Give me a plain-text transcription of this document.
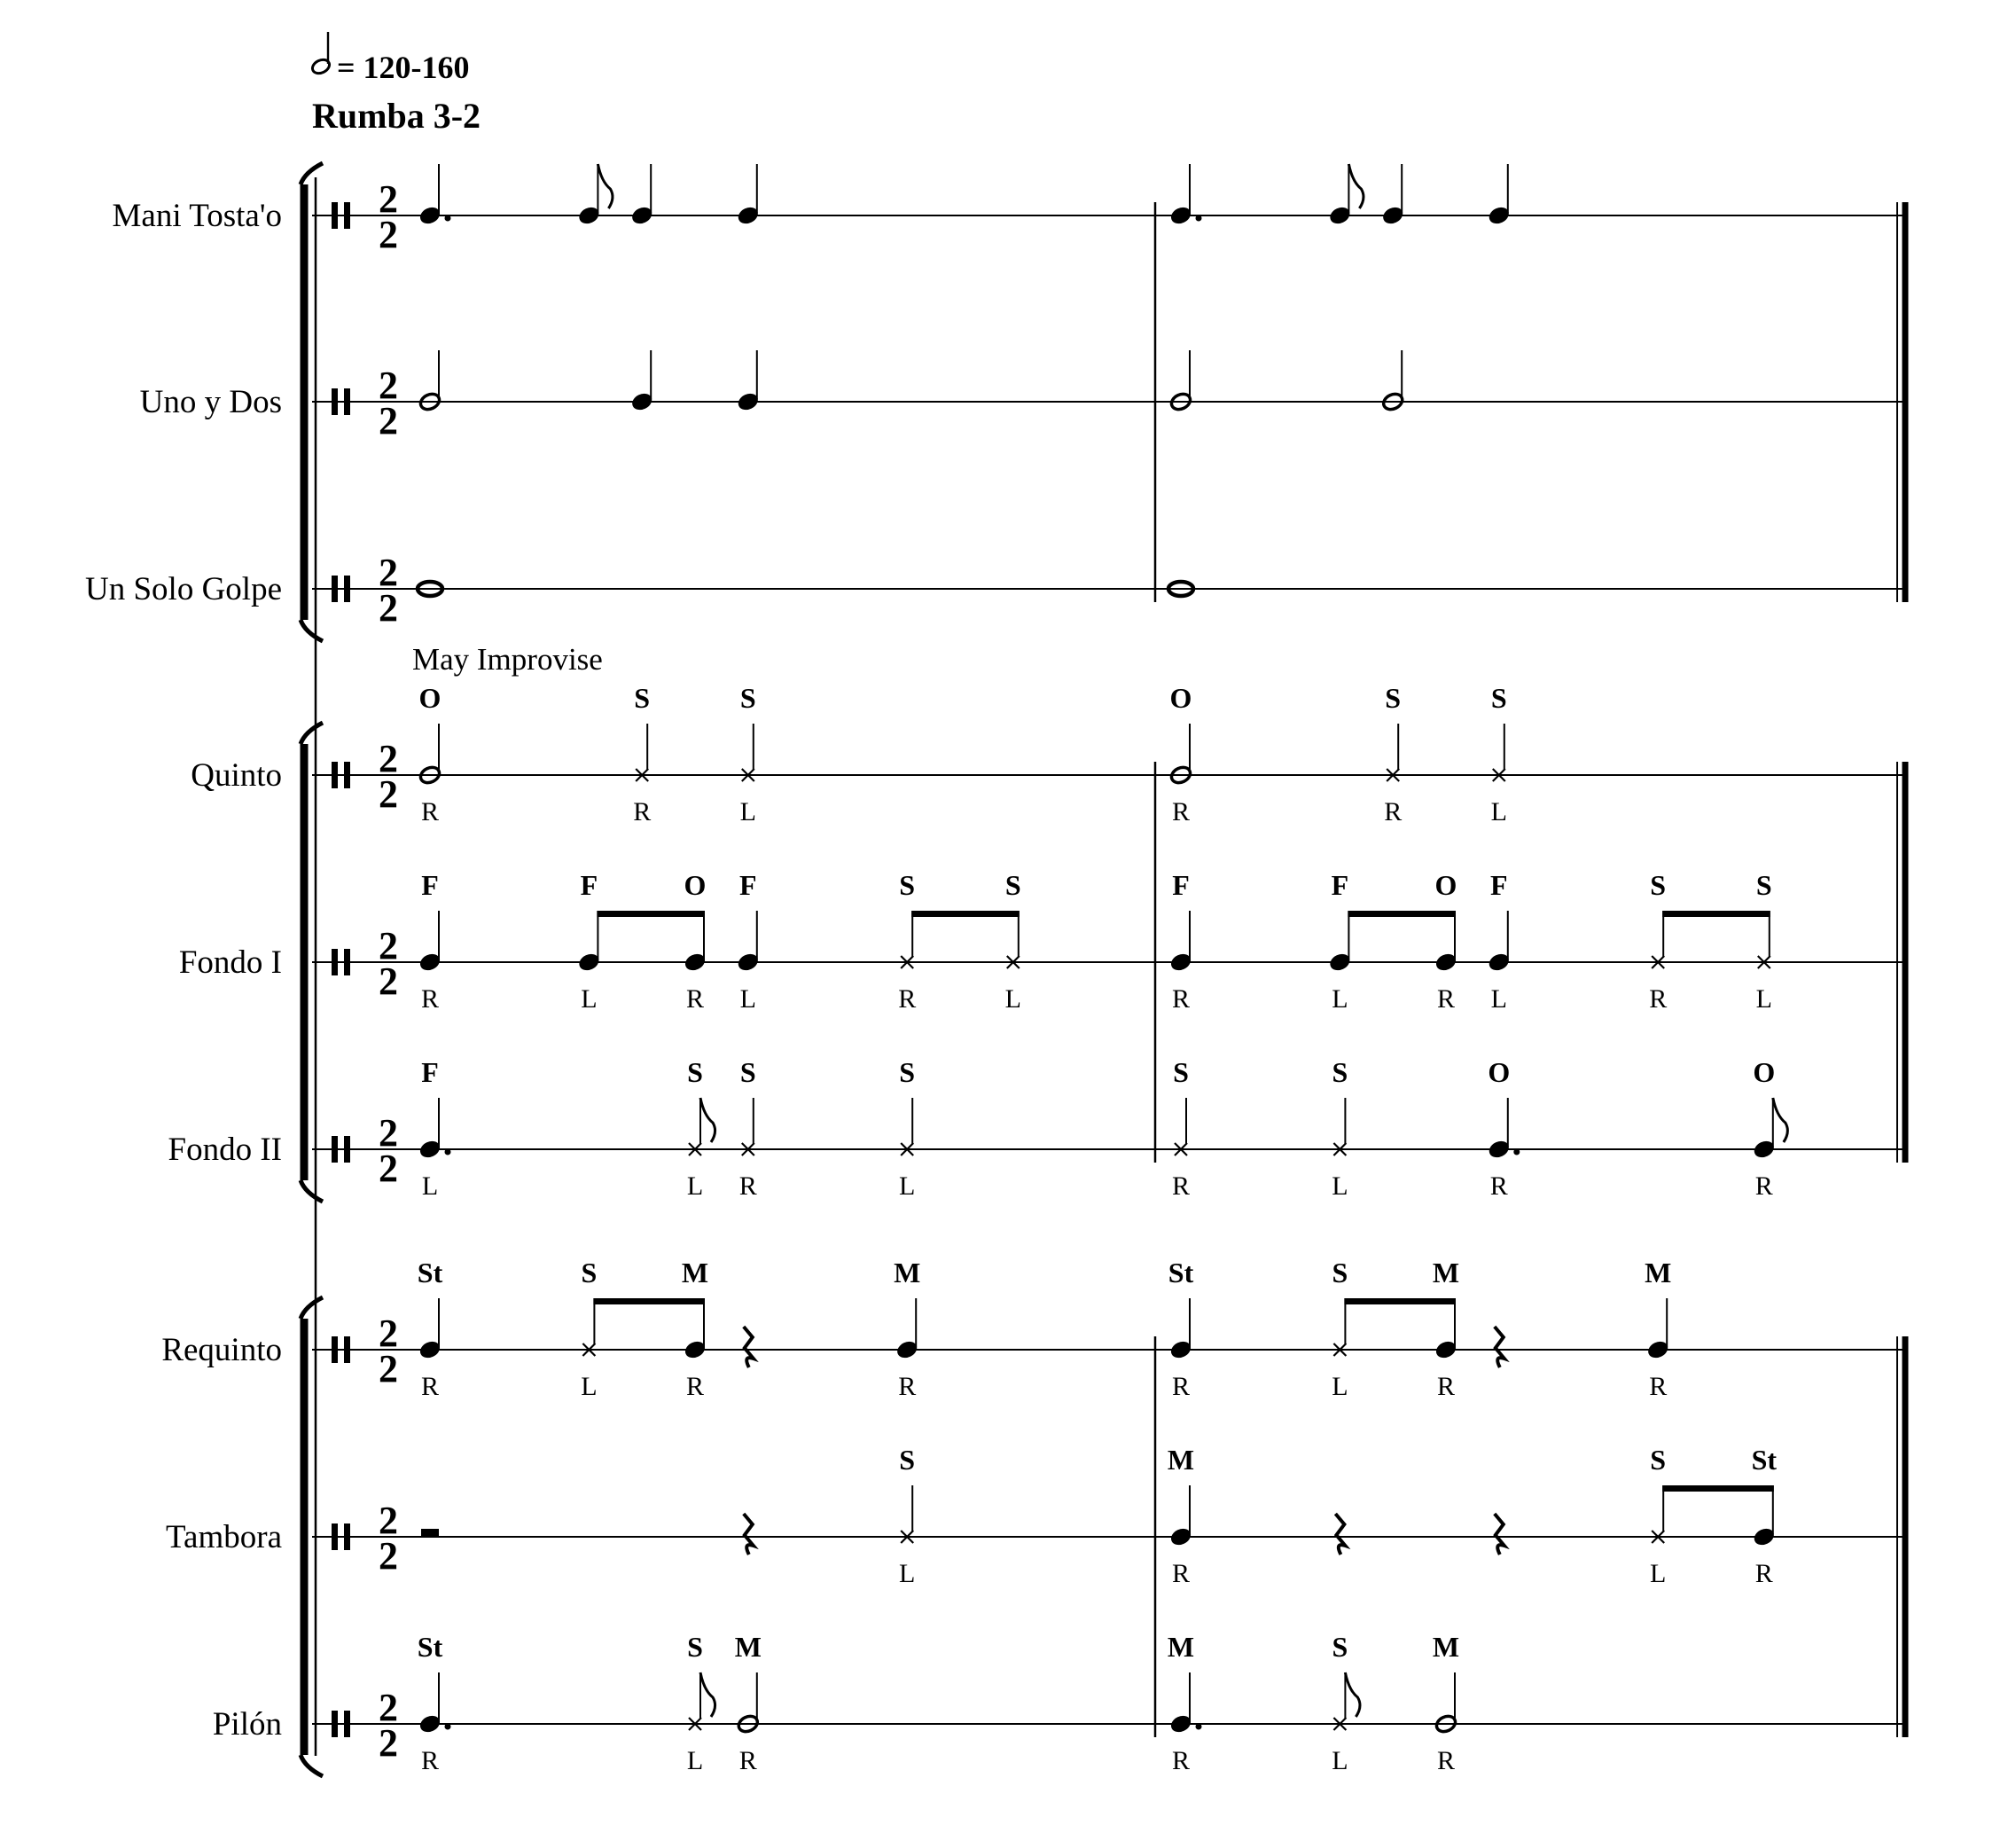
= 120-160
Rumba 3-2
May Improvise
Mani Tosta'o 2
2
Uno y Dos 2
2
Un Solo Golpe 2
2
Quinto 2
2
O
R
S
R
S
L
O
R
S
R
S
L
Fondo I 2
2
F
R
F
L
O
R
F
L
S
R
S
L
F
R
F
L
O
R
F
L
S
R
S
L
Fondo II 2
2
F
L
S
L
S
R
S
L
S
R
S
L
O
R
O
R
Requinto 2
2
St
R
S
L
M
R
M
R
St
R
S
L
M
R
M
R
Tambora 2
2
S
L
M
R
S
L
St
R
Pilón 2
2
St
R
S
L
M
R
M
R
S
L
M
R
